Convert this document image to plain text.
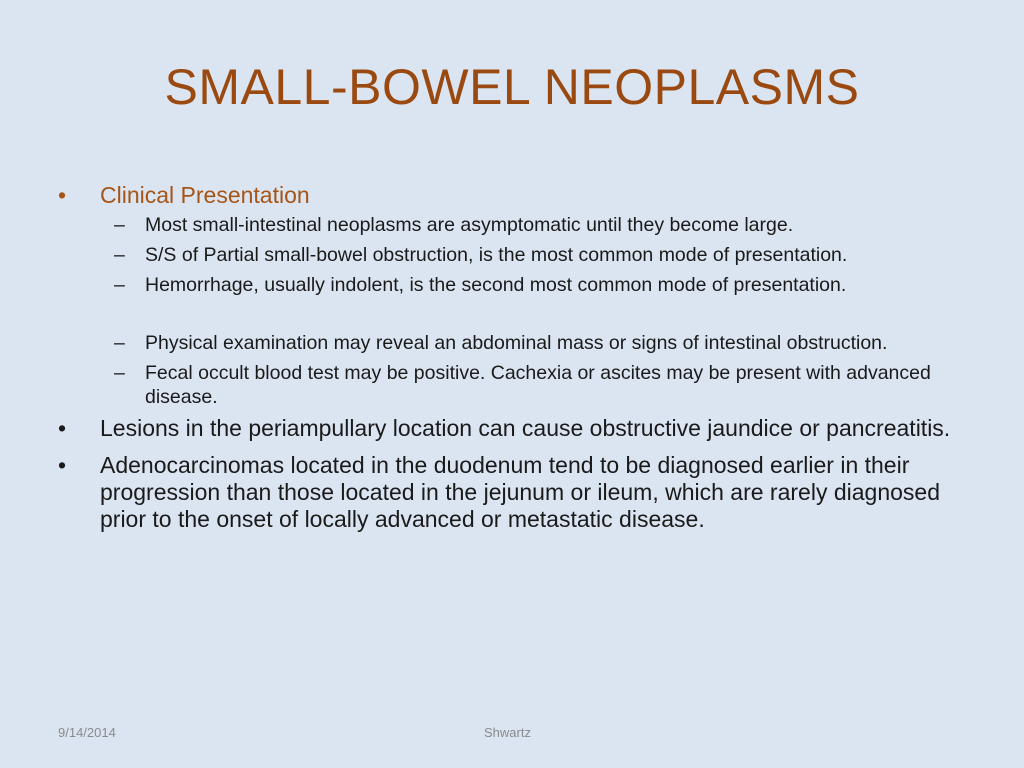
SMALL-BOWEL NEOPLASMS
•	Clinical Presentation
– Most small-intestinal neoplasms are asymptomatic until they become large.
– S/S of Partial small-bowel obstruction, is the most common mode of presentation.
– Hemorrhage, usually indolent, is the second most common mode of presentation.
– Physical examination may reveal an abdominal mass or signs of intestinal obstruction.
– Fecal occult blood test may be positive. Cachexia or ascites may be present with advanced disease.
•	Lesions in the periampullary location can cause obstructive jaundice or pancreatitis.
•	Adenocarcinomas located in the duodenum tend to be diagnosed earlier in their progression than those located in the jejunum or ileum, which are rarely diagnosed prior to the onset of locally advanced or metastatic disease.
9/14/2014	Shwartz
